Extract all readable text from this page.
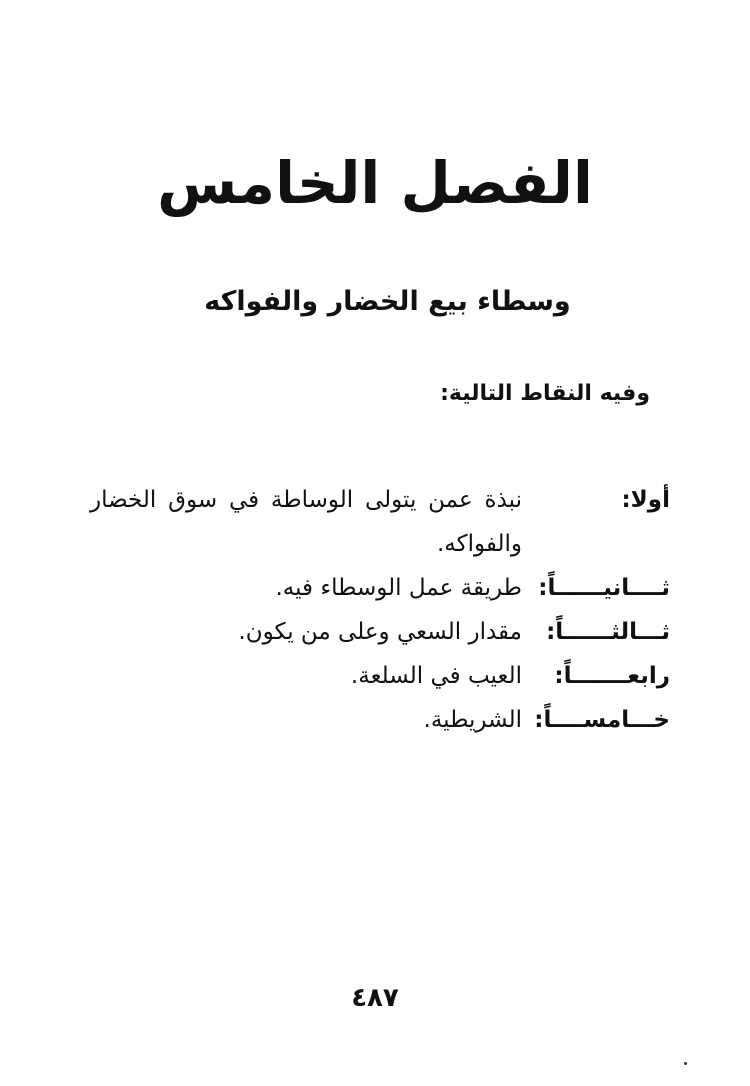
الفصل الخامس
وسطاء بيع الخضار والفواكه
وفيه النقاط التالية:
أولا:
نبذة عمن يتولى الوساطة في سوق الخضار والفواكه.
ثــــانيــــــاً:
طريقة عمل الوسطاء فيه.
ثـــالثــــــاً:
مقدار السعي وعلى من يكون.
رابعـــــــاً:
العيب في السلعة.
خـــامســــاً:
الشريطية.
٤٨٧
